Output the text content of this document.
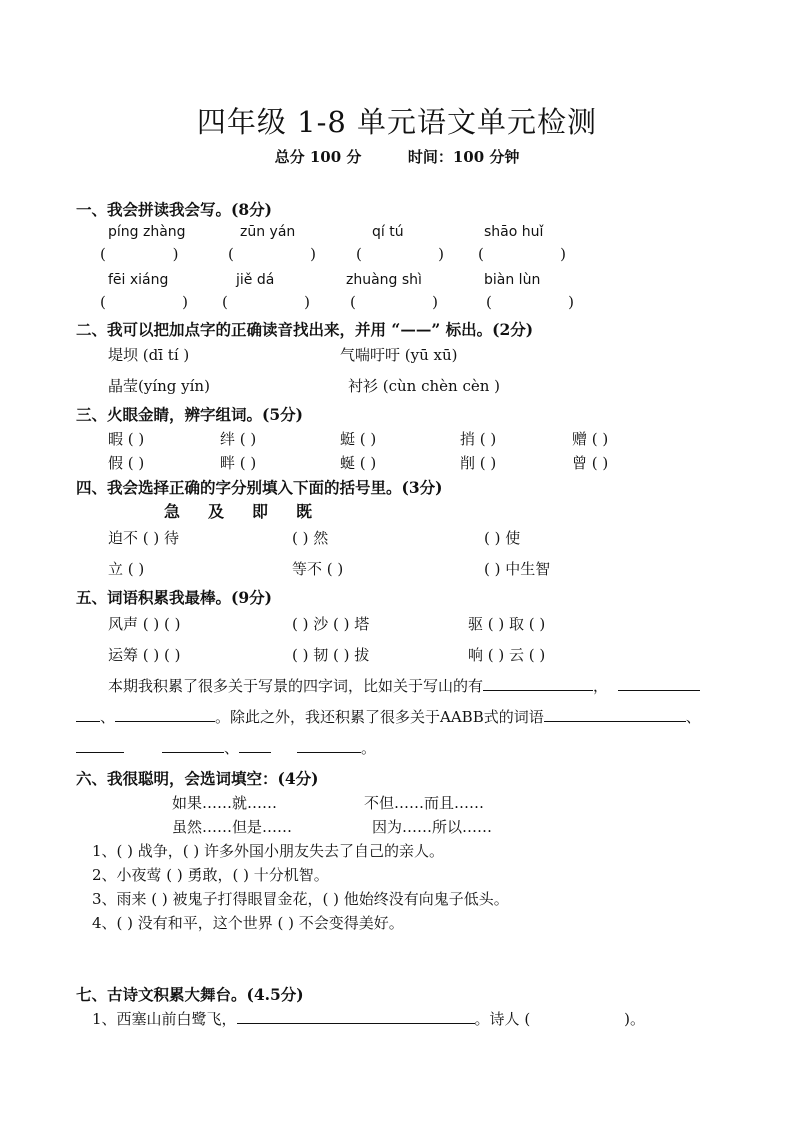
四年级 1-8 单元语文单元检测
总分 100 分	时间：100 分钟
一、我会拼读我会写。(8分)
píng zhàng	zūn yán	qí tú	shāo huǐ
(              )	(                )	(                ) (                )
fēi xiáng	jiě dá	zhuàng shì	biàn lùn
(                ) (                )	(                )	(                )
二、我可以把加点字的正确读音找出来，并用 “——” 标出。(2分)
堤坝 (dī tí )	气喘吁吁 (yū xū)
晶莹(yíng yín)	衬衫 (cùn chèn cèn )
三、火眼金睛，辨字组词。(5分)
暇 ( )	绊 ( )	蜓 ( )	捎 ( )	赠 ( )
假 ( )	畔 ( )	蜒 ( )	削 ( )	曾 ( )
四、我会选择正确的字分别填入下面的括号里。(3分)
急 及 即 既
迫不 ( ) 待	( ) 然	( ) 使
立 ( )	等不 ( )	( ) 中生智
五、词语积累我最棒。(9分)
风声 ( ) ( )	( ) 沙 ( ) 塔	驱 ( ) 取 ( )
运筹 ( ) ( )	( ) 韧 ( ) 拔	响 ( ) 云 ( )
本期我积累了很多关于写景的四字词，比如关于写山的有	，
、	。除此之外，我还积累了很多关于AABB式的词语	、
、	。
六、我很聪明，会选词填空：(4分)
如果……就……	不但……而且……
虽然……但是……	因为……所以……
1、( ) 战争，( ) 许多外国小朋友失去了自己的亲人。
2、小夜莺 ( ) 勇敢，( ) 十分机智。
3、雨来 ( ) 被鬼子打得眼冒金花，( ) 他始终没有向鬼子低头。
4、( ) 没有和平，这个世界 ( ) 不会变得美好。
七、古诗文积累大舞台。(4.5分)
1、西塞山前白鹭飞，	。诗人 (	)。
